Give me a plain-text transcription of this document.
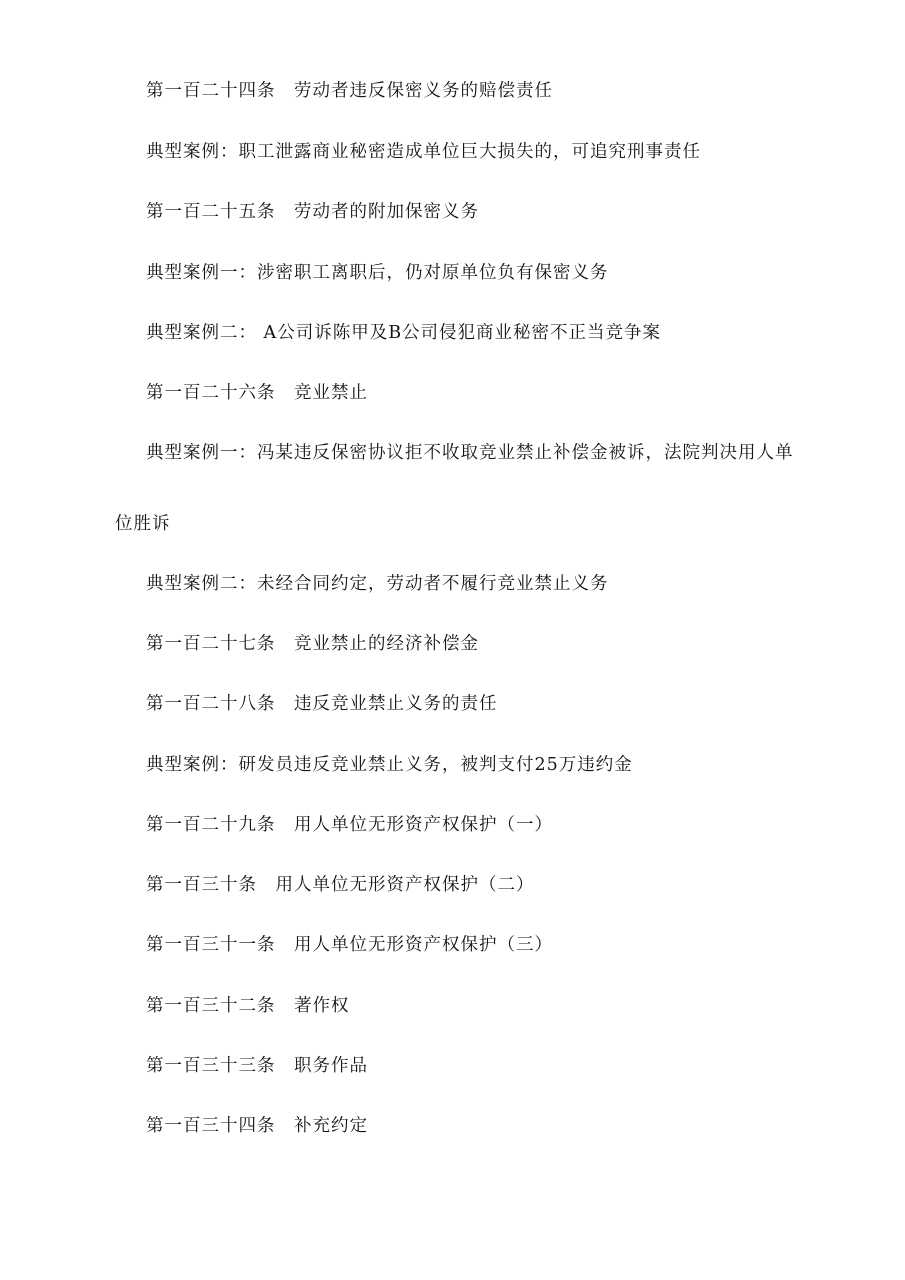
第一百二十四条　劳动者违反保密义务的赔偿责任
典型案例：职工泄露商业秘密造成单位巨大损失的，可追究刑事责任
第一百二十五条　劳动者的附加保密义务
典型案例一：涉密职工离职后，仍对原单位负有保密义务
典型案例二： A公司诉陈甲及B公司侵犯商业秘密不正当竞争案
第一百二十六条　竞业禁止
典型案例一：冯某违反保密协议拒不收取竞业禁止补偿金被诉，法院判决用人单
位胜诉
典型案例二：未经合同约定，劳动者不履行竞业禁止义务
第一百二十七条　竞业禁止的经济补偿金
第一百二十八条　违反竞业禁止义务的责任
典型案例：研发员违反竞业禁止义务，被判支付25万违约金
第一百二十九条　用人单位无形资产权保护（一）
第一百三十条　用人单位无形资产权保护（二）
第一百三十一条　用人单位无形资产权保护（三）
第一百三十二条　著作权
第一百三十三条　职务作品
第一百三十四条　补充约定
